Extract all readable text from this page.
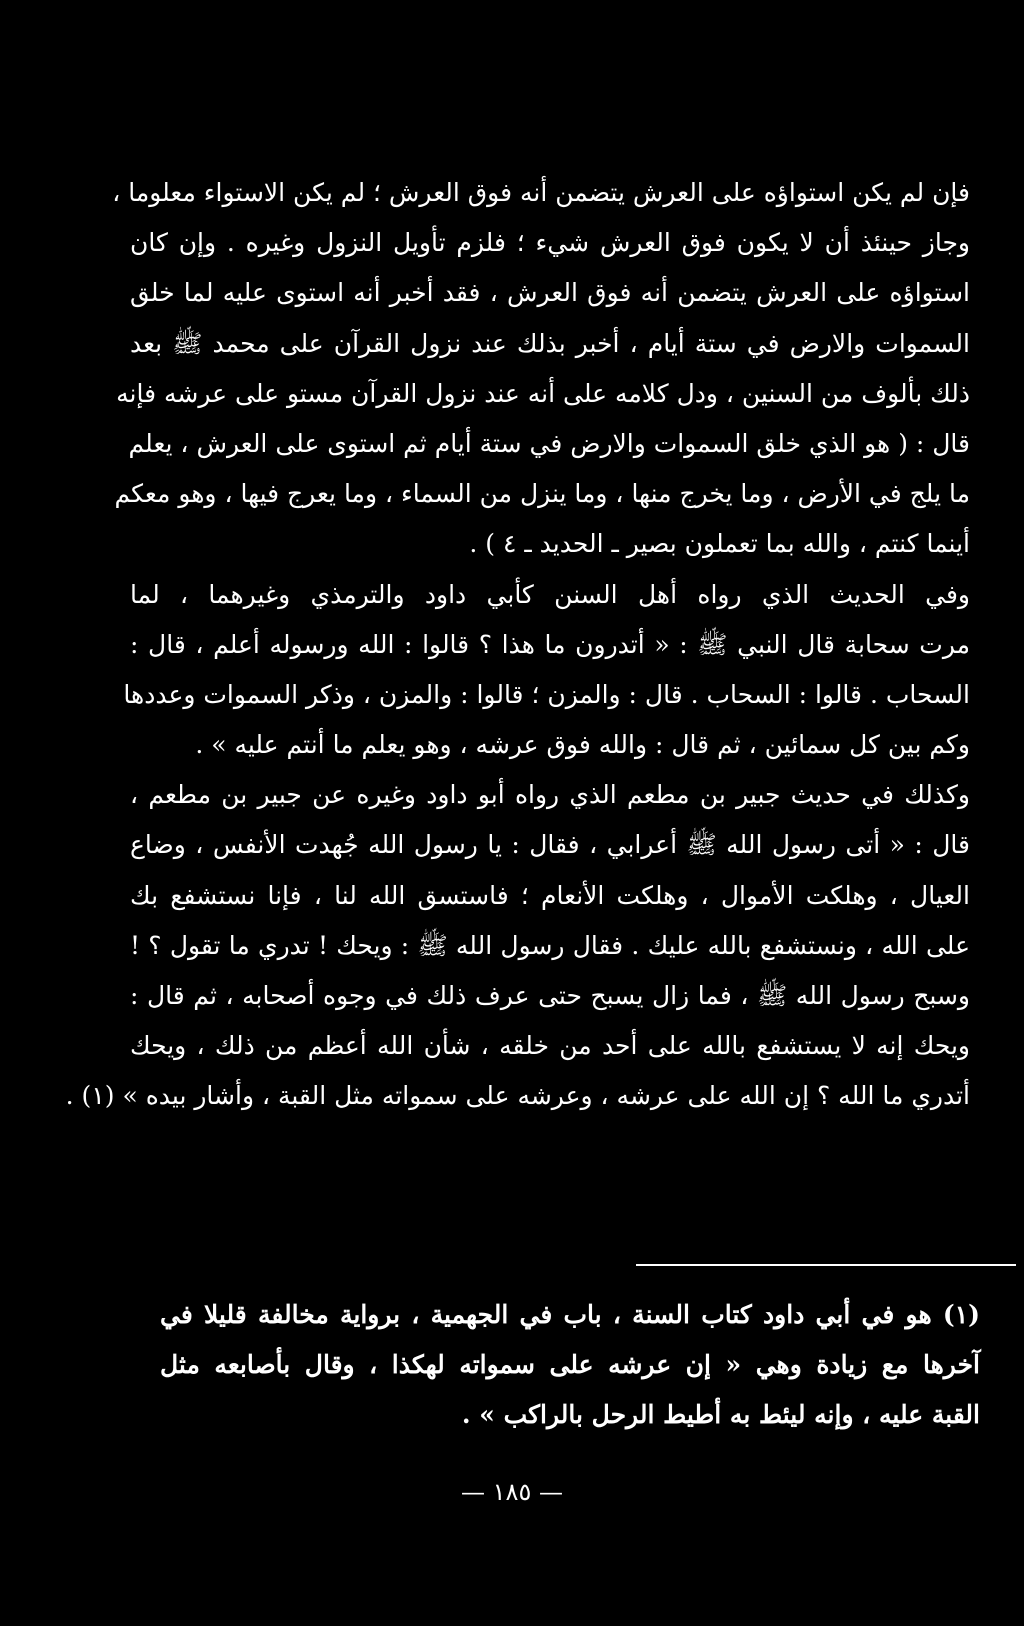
فإن لم يكن استواؤه على العرش يتضمن أنه فوق العرش ؛ لم يكن الاستواء معلوما ،
وجاز حينئذ أن لا يكون فوق العرش شيء ؛ فلزم تأويل النزول وغيره . وإن كان
استواؤه على العرش يتضمن أنه فوق العرش ، فقد أخبر أنه استوى عليه لما خلق
السموات والارض في ستة أيام ، أخبر بذلك عند نزول القرآن على محمد ﷺ بعد
ذلك بألوف من السنين ، ودل كلامه على أنه عند نزول القرآن مستو على عرشه فإنه
قال : ( هو الذي خلق السموات والارض في ستة أيام ثم استوى على العرش ، يعلم
ما يلج في الأرض ، وما يخرج منها ، وما ينزل من السماء ، وما يعرج فيها ، وهو معكم
أينما كنتم ، والله بما تعملون بصير ـ الحديد ـ ٤ ) .
وفي الحديث الذي رواه أهل السنن كأبي داود والترمذي وغيرهما ، لما
مرت سحابة قال النبي ﷺ : « أتدرون ما هذا ؟ قالوا : الله ورسوله أعلم ، قال :
السحاب . قالوا : السحاب . قال : والمزن ؛ قالوا : والمزن ، وذكر السموات وعددها
وكم بين كل سمائين ، ثم قال : والله فوق عرشه ، وهو يعلم ما أنتم عليه » .
وكذلك في حديث جبير بن مطعم الذي رواه أبو داود وغيره عن جبير بن مطعم ،
قال : « أتى رسول الله ﷺ أعرابي ، فقال : يا رسول الله جُهدت الأنفس ، وضاع
العيال ، وهلكت الأموال ، وهلكت الأنعام ؛ فاستسق الله لنا ، فإنا نستشفع بك
على الله ، ونستشفع بالله عليك . فقال رسول الله ﷺ : ويحك ! تدري ما تقول ؟ !
وسبح رسول الله ﷺ ، فما زال يسبح حتى عرف ذلك في وجوه أصحابه ، ثم قال :
ويحك إنه لا يستشفع بالله على أحد من خلقه ، شأن الله أعظم من ذلك ، ويحك
أتدري ما الله ؟ إن الله على عرشه ، وعرشه على سمواته مثل القبة ، وأشار بيده » (١) .
(١) هو في أبي داود كتاب السنة ، باب في الجهمية ، برواية مخالفة قليلا في
آخرها مع زيادة وهي « إن عرشه على سمواته لهكذا ، وقال بأصابعه مثل
القبة عليه ، وإنه ليئط به أطيط الرحل بالراكب » .
— ١٨٥ —
